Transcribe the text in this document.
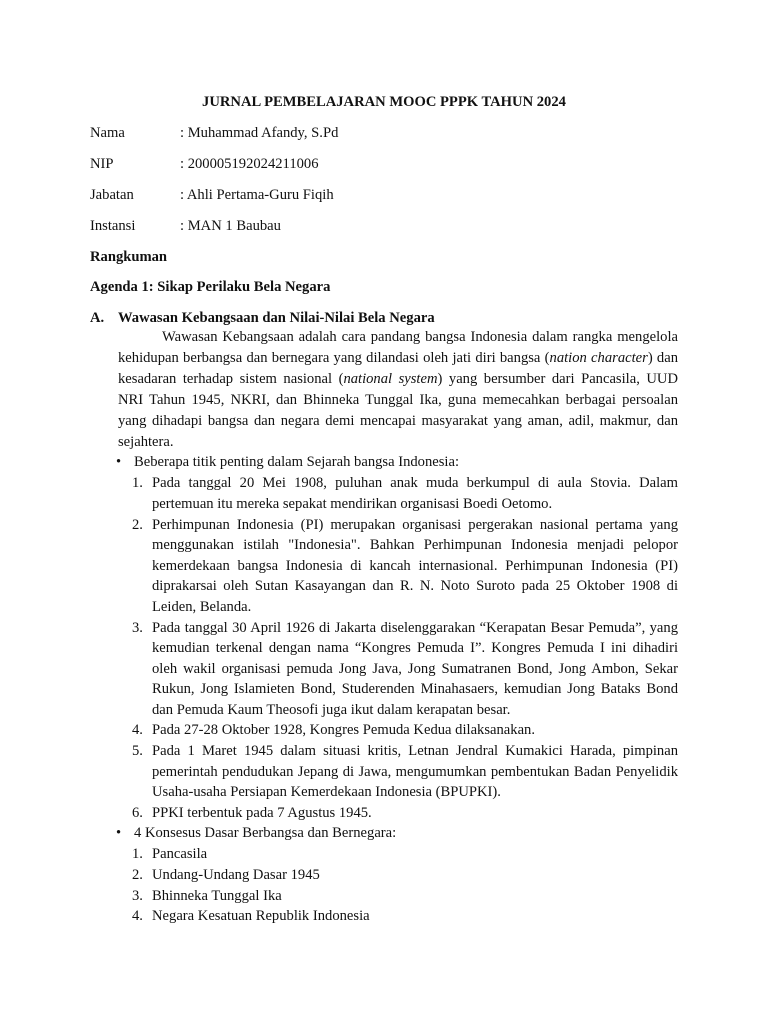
JURNAL PEMBELAJARAN MOOC PPPK TAHUN 2024
Nama	: Muhammad Afandy, S.Pd
NIP	: 200005192024211006
Jabatan	: Ahli Pertama-Guru Fiqih
Instansi	: MAN 1 Baubau
Rangkuman
Agenda 1: Sikap Perilaku Bela Negara
A. Wawasan Kebangsaan dan Nilai-Nilai Bela Negara

Wawasan Kebangsaan adalah cara pandang bangsa Indonesia dalam rangka mengelola kehidupan berbangsa dan bernegara yang dilandasi oleh jati diri bangsa (nation character) dan kesadaran terhadap sistem nasional (national system) yang bersumber dari Pancasila, UUD NRI Tahun 1945, NKRI, dan Bhinneka Tunggal Ika, guna memecahkan berbagai persoalan yang dihadapi bangsa dan negara demi mencapai masyarakat yang aman, adil, makmur, dan sejahtera.

• Beberapa titik penting dalam Sejarah bangsa Indonesia:
1. Pada tanggal 20 Mei 1908, puluhan anak muda berkumpul di aula Stovia. Dalam pertemuan itu mereka sepakat mendirikan organisasi Boedi Oetomo.
2. Perhimpunan Indonesia (PI) merupakan organisasi pergerakan nasional pertama yang menggunakan istilah "Indonesia". Bahkan Perhimpunan Indonesia menjadi pelopor kemerdekaan bangsa Indonesia di kancah internasional. Perhimpunan Indonesia (PI) diprakarsai oleh Sutan Kasayangan dan R. N. Noto Suroto pada 25 Oktober 1908 di Leiden, Belanda.
3. Pada tanggal 30 April 1926 di Jakarta diselenggarakan “Kerapatan Besar Pemuda”, yang kemudian terkenal dengan nama “Kongres Pemuda I”. Kongres Pemuda I ini dihadiri oleh wakil organisasi pemuda Jong Java, Jong Sumatranen Bond, Jong Ambon, Sekar Rukun, Jong Islamieten Bond, Studerenden Minahasaers, kemudian Jong Bataks Bond dan Pemuda Kaum Theosofi juga ikut dalam kerapatan besar.
4. Pada 27-28 Oktober 1928, Kongres Pemuda Kedua dilaksanakan.
5. Pada 1 Maret 1945 dalam situasi kritis, Letnan Jendral Kumakici Harada, pimpinan pemerintah pendudukan Jepang di Jawa, mengumumkan pembentukan Badan Penyelidik Usaha-usaha Persiapan Kemerdekaan Indonesia (BPUPKI).
6. PPKI terbentuk pada 7 Agustus 1945.
• 4 Konsesus Dasar Berbangsa dan Bernegara:
1. Pancasila
2. Undang-Undang Dasar 1945
3. Bhinneka Tunggal Ika
4. Negara Kesatuan Republik Indonesia
